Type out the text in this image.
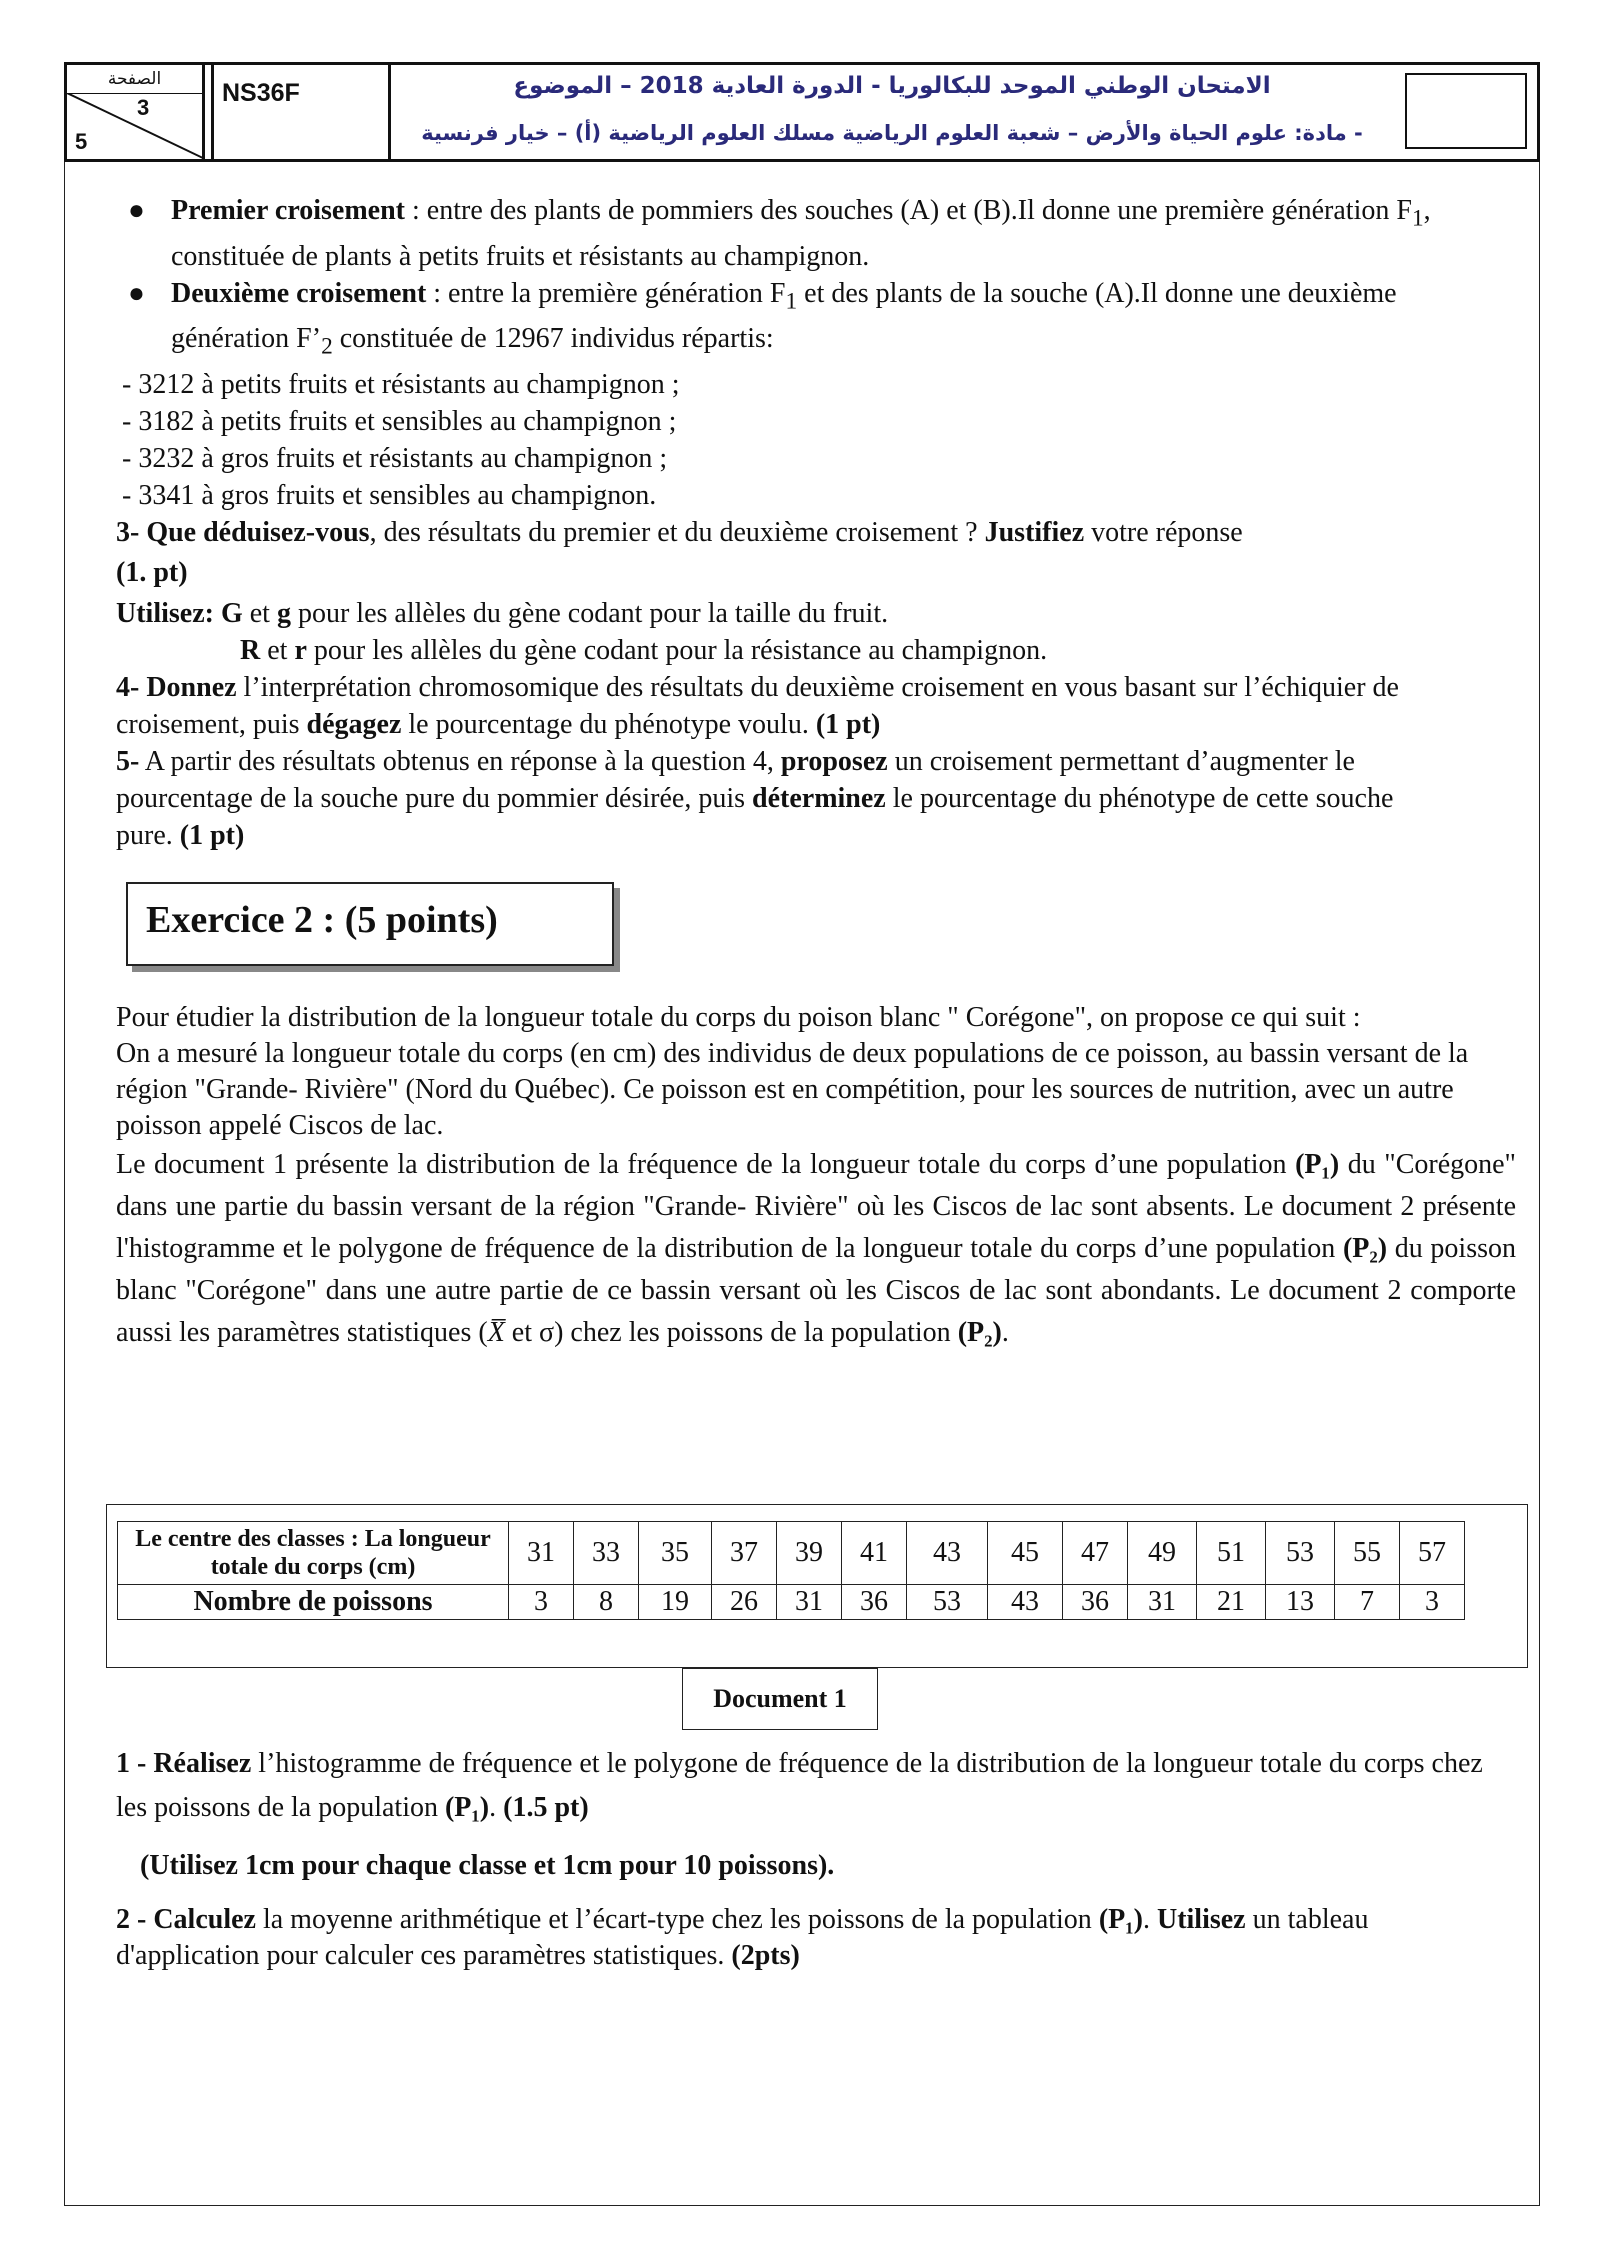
الصفحة
3
5
NS36F	الامتحان الوطني الموحد للبكالوريا - الدورة العادية 2018 – الموضوع
- مادة: علوم الحياة والأرض – شعبة العلوم الرياضية مسلك العلوم الرياضية (أ) – خيار فرنسية
● Premier croisement : entre des plants de pommiers des souches (A) et (B).Il donne une première génération $F_1$, constituée de plants à petits fruits et résistants au champignon.
● Deuxième croisement : entre la première génération $F_1$ et des plants de la souche (A).Il donne une deuxième génération $F’_2$ constituée de 12967 individus répartis:

- 3212 à petits fruits et résistants au champignon ;

- 3182 à petits fruits et sensibles au champignon ;

- 3232 à gros fruits et résistants au champignon ;

- 3341 à gros fruits et sensibles au champignon.

3- Que déduisez-vous, des résultats du premier et du deuxième croisement ? Justifiez votre réponse

(1. pt)

Utilisez: G et g pour les allèles du gène codant pour la taille du fruit.

R et r pour les allèles du gène codant pour la résistance au champignon.

4- Donnez l’interprétation chromosomique des résultats du deuxième croisement en vous basant sur l’échiquier de croisement, puis dégagez le pourcentage du phénotype voulu. (1 pt)

5- A partir des résultats obtenus en réponse à la question 4, proposez un croisement permettant d’augmenter le pourcentage de la souche pure du pommier désirée, puis déterminez le pourcentage du phénotype de cette souche pure. (1 pt)

Exercice 2 : (5 points)

Pour étudier la distribution de la longueur totale du corps du poison blanc " Corégone", on propose ce qui suit :

On a mesuré la longueur totale du corps (en cm) des individus de deux populations de ce poisson, au bassin versant de la région "Grande- Rivière" (Nord du Québec). Ce poisson est en compétition, pour les sources de nutrition, avec un autre poisson appelé Ciscos de lac.

Le document 1 présente la distribution de la fréquence de la longueur totale du corps d’une population (P₁) du "Corégone" dans une partie du bassin versant de la région "Grande- Rivière" où les Ciscos de lac sont absents. Le document 2 présente l'histogramme et le polygone de fréquence de la distribution de la longueur totale du corps d’une population (P₂) du poisson blanc "Corégone" dans une autre partie de ce bassin versant où les Ciscos de lac sont abondants. Le document 2 comporte aussi les paramètres statistiques (X̅ et σ) chez les poissons de la population (P₂).

Le centre des classes : La longueur totale du corps (cm)	31	33	35	37	39	41	43	45	47	49	51	53	55	57
Nombre de poissons	3	8	19	26	31	36	53	43	36	31	21	13	7	3
Document 1

1 - Réalisez l’histogramme de fréquence et le polygone de fréquence de la distribution de la longueur totale du corps chez les poissons de la population (P₁). (1.5 pt)

(Utilisez 1cm pour chaque classe et 1cm pour 10 poissons).

2 - Calculez la moyenne arithmétique et l’écart-type chez les poissons de la population (P₁). Utilisez un tableau d'application pour calculer ces paramètres statistiques. (2pts)
